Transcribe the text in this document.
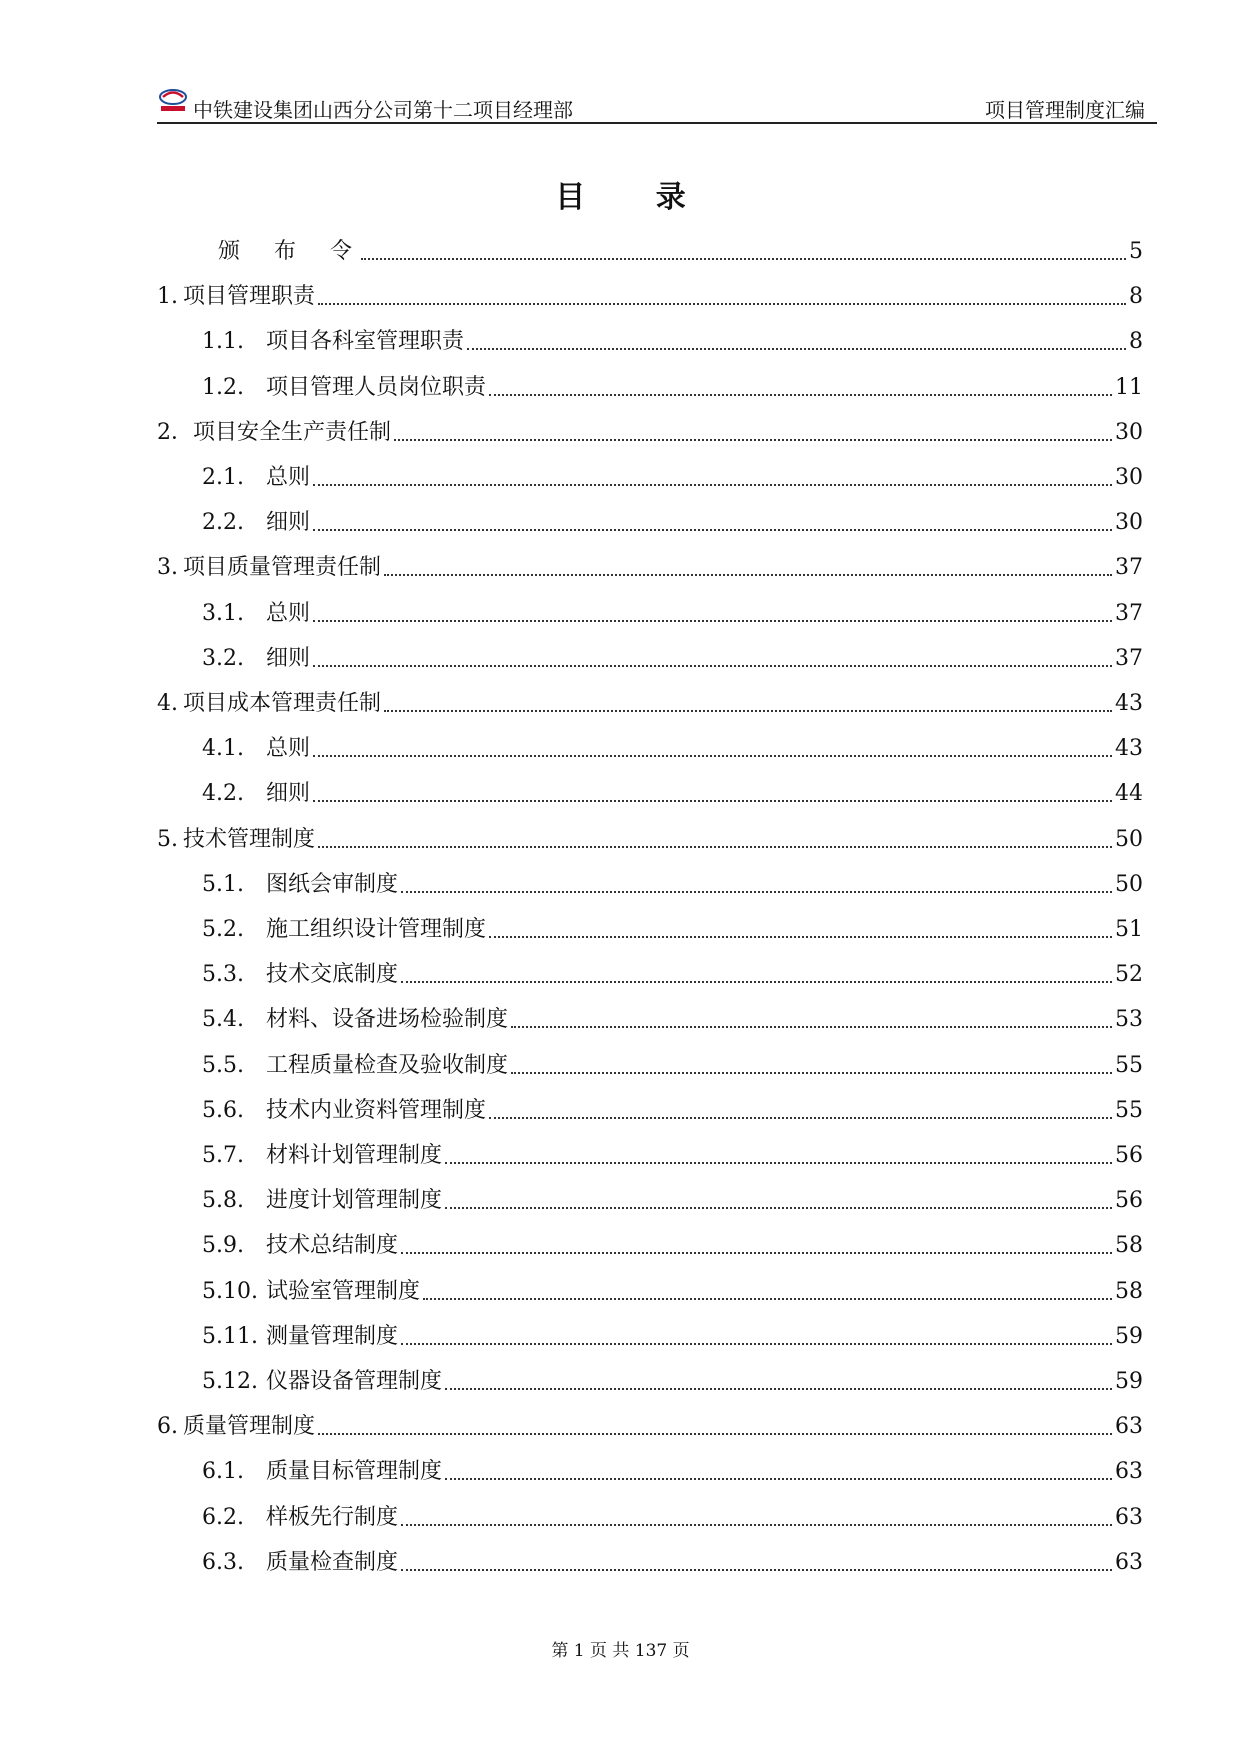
中铁建设集团山西分公司第十二项目经理部	项目管理制度汇编
目 录
颁　布　令	5
1. 项目管理职责	8
1.1.	项目各科室管理职责	8
1.2.	项目管理人员岗位职责	11
2． 项目安全生产责任制	30
2.1.	总则	30
2.2.	细则	30
3. 项目质量管理责任制	37
3.1.	总则	37
3.2.	细则	37
4. 项目成本管理责任制	43
4.1.	总则	43
4.2.	细则	44
5. 技术管理制度	50
5.1.	图纸会审制度	50
5.2.	施工组织设计管理制度	51
5.3.	技术交底制度	52
5.4.	材料、设备进场检验制度	53
5.5.	工程质量检查及验收制度	55
5.6.	技术内业资料管理制度	55
5.7.	材料计划管理制度	56
5.8.	进度计划管理制度	56
5.9.	技术总结制度	58
5.10. 试验室管理制度	58
5.11. 测量管理制度	59
5.12. 仪器设备管理制度	59
6. 质量管理制度	63
6.1.	质量目标管理制度	63
6.2.	样板先行制度	63
6.3.	质量检查制度	63
第 1 页 共 137 页
